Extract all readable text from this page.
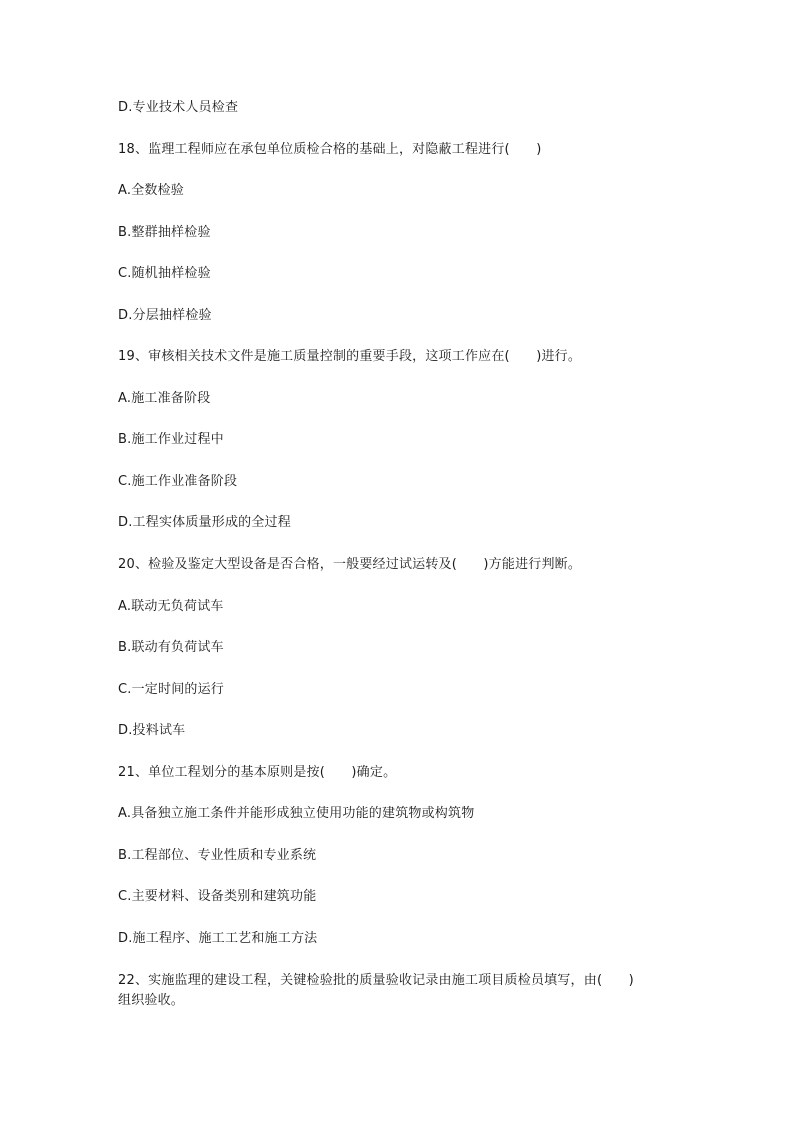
D.专业技术人员检查
18、监理工程师应在承包单位质检合格的基础上，对隐蔽工程进行(　　)
A.全数检验
B.整群抽样检验
C.随机抽样检验
D.分层抽样检验
19、审核相关技术文件是施工质量控制的重要手段，这项工作应在(　　)进行。
A.施工准备阶段
B.施工作业过程中
C.施工作业准备阶段
D.工程实体质量形成的全过程
20、检验及鉴定大型设备是否合格，一般要经过试运转及(　　)方能进行判断。
A.联动无负荷试车
B.联动有负荷试车
C.一定时间的运行
D.投料试车
21、单位工程划分的基本原则是按(　　)确定。
A.具备独立施工条件并能形成独立使用功能的建筑物或构筑物
B.工程部位、专业性质和专业系统
C.主要材料、设备类别和建筑功能
D.施工程序、施工工艺和施工方法
22、实施监理的建设工程，关键检验批的质量验收记录由施工项目质检员填写，由(　　)
组织验收。
